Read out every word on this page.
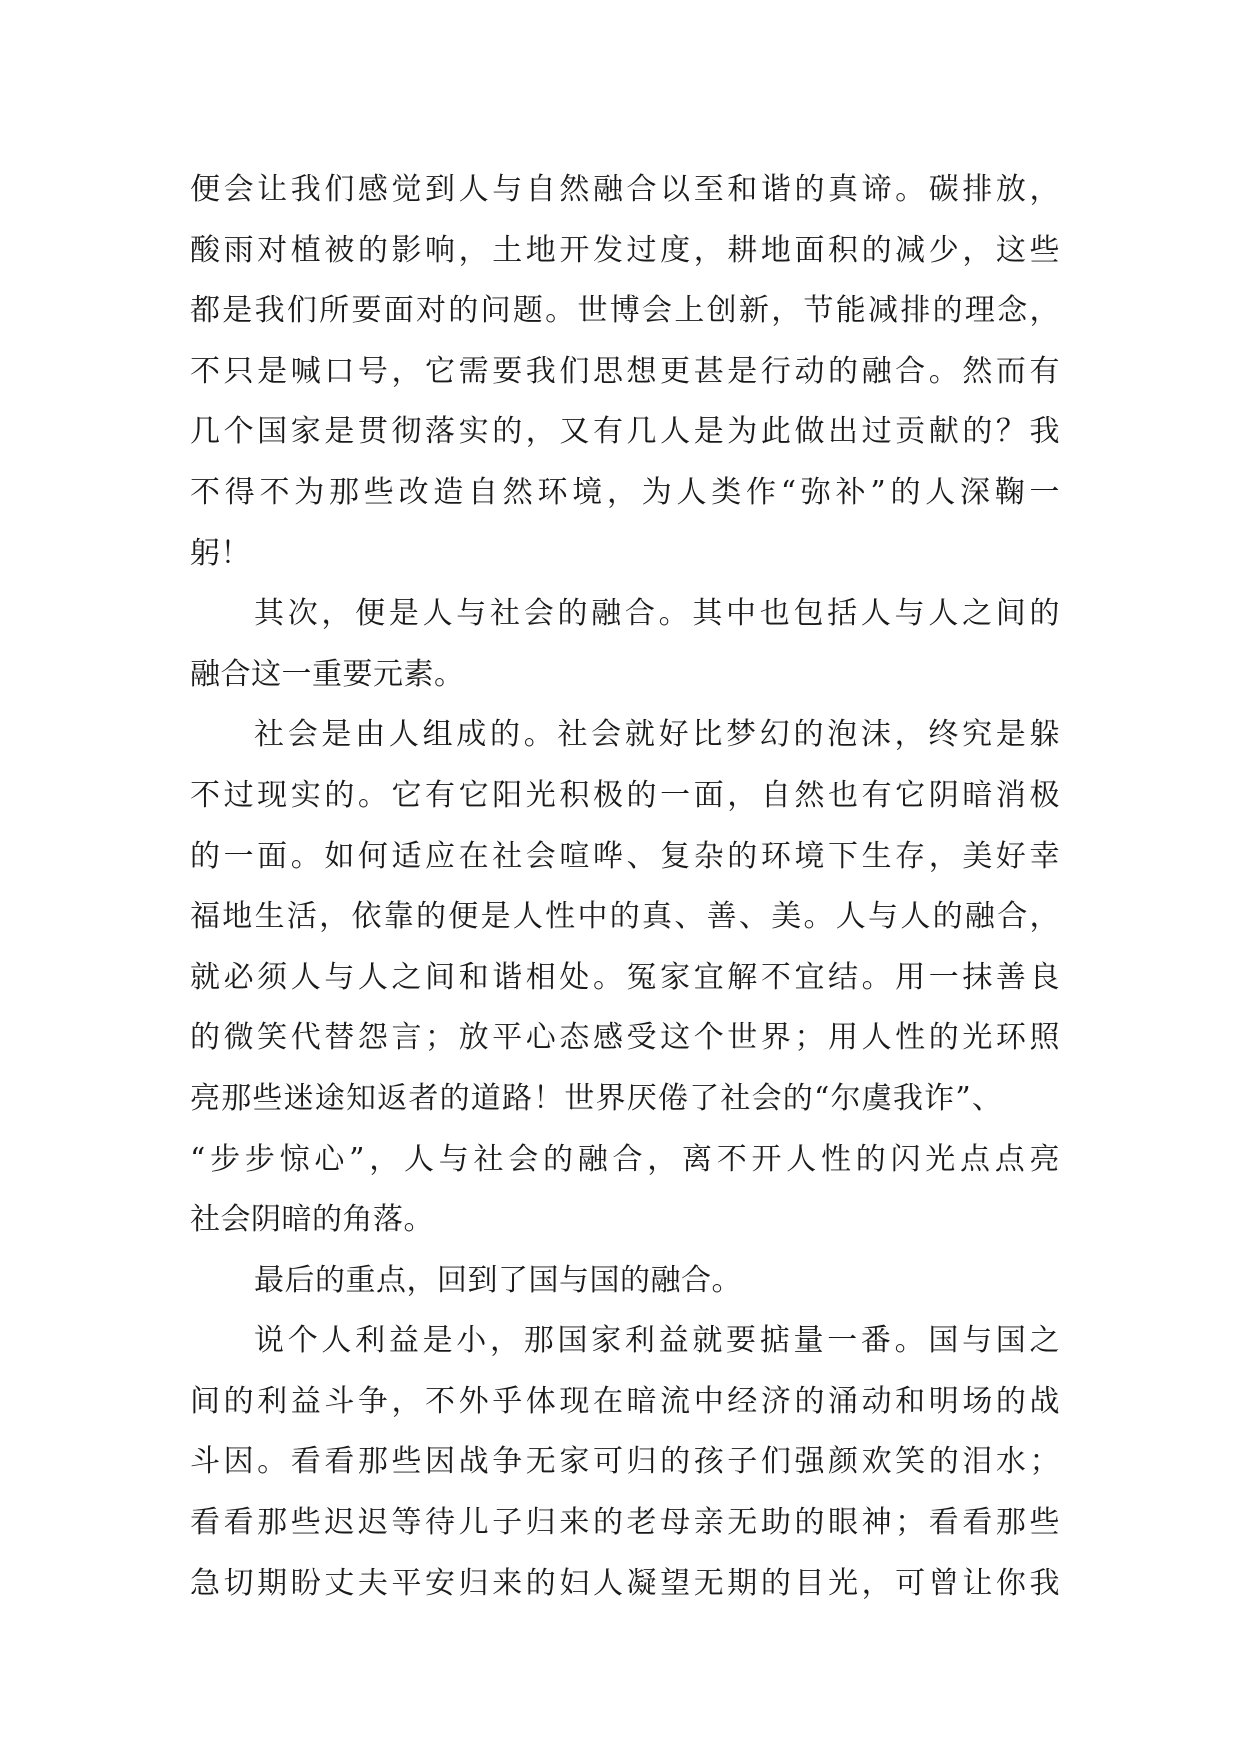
便会让我们感觉到人与自然融合以至和谐的真谛。碳排放，
酸雨对植被的影响，土地开发过度，耕地面积的减少，这些
都是我们所要面对的问题。世博会上创新，节能减排的理念，
不只是喊口号，它需要我们思想更甚是行动的融合。然而有
几个国家是贯彻落实的，又有几人是为此做出过贡献的？我
不得不为那些改造自然环境，为人类作“弥补”的人深鞠一
躬！
其次，便是人与社会的融合。其中也包括人与人之间的
融合这一重要元素。
社会是由人组成的。社会就好比梦幻的泡沫，终究是躲
不过现实的。它有它阳光积极的一面，自然也有它阴暗消极
的一面。如何适应在社会喧哗、复杂的环境下生存，美好幸
福地生活，依靠的便是人性中的真、善、美。人与人的融合，
就必须人与人之间和谐相处。冤家宜解不宜结。用一抹善良
的微笑代替怨言；放平心态感受这个世界；用人性的光环照
亮那些迷途知返者的道路！世界厌倦了社会的“尔虞我诈”、
“步步惊心”，人与社会的融合，离不开人性的闪光点点亮
社会阴暗的角落。
最后的重点，回到了国与国的融合。
说个人利益是小，那国家利益就要掂量一番。国与国之
间的利益斗争，不外乎体现在暗流中经济的涌动和明场的战
斗因。看看那些因战争无家可归的孩子们强颜欢笑的泪水；
看看那些迟迟等待儿子归来的老母亲无助的眼神；看看那些
急切期盼丈夫平安归来的妇人凝望无期的目光，可曾让你我
